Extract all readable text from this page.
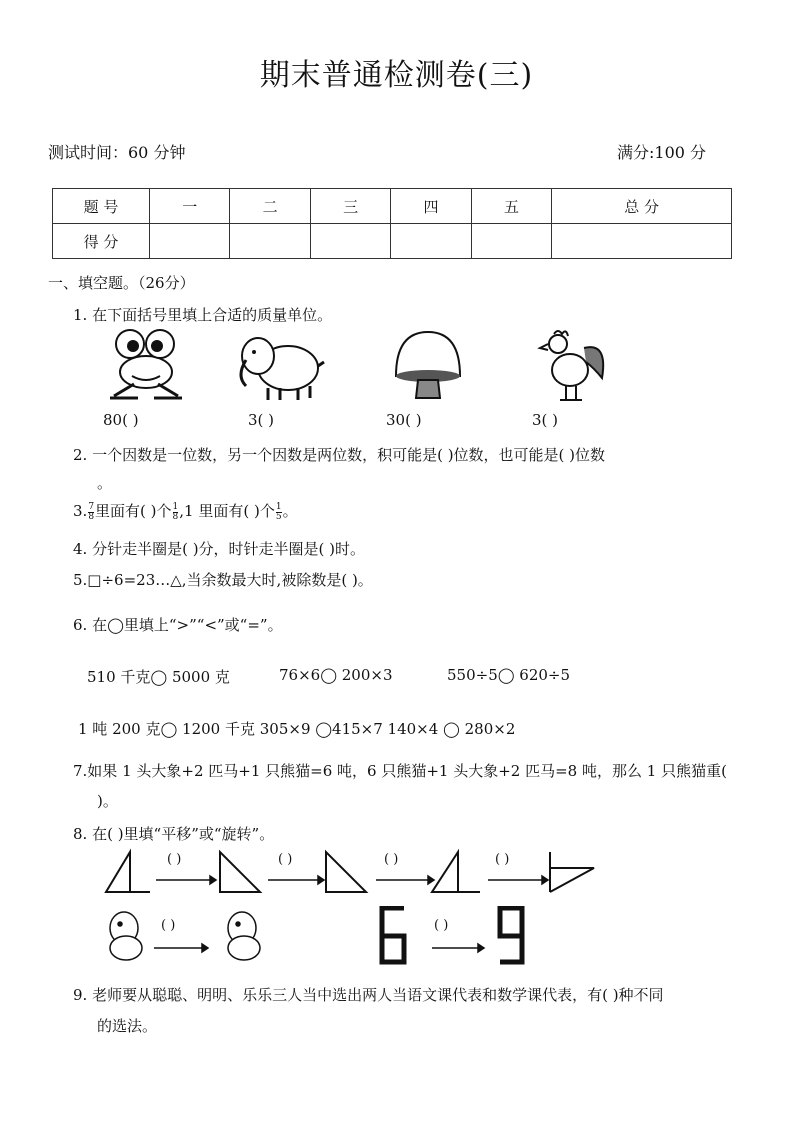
期末普通检测卷(三)
测试时间：60 分钟	满分:100 分
题 号	一	二	三	四	五	总 分
得 分						
一、填空题。（26分）
1. 在下面括号里填上合适的质量单位。
80( )	3( )	30( )	3( )
2. 一个因数是一位数，另一个因数是两位数，积可能是( )位数，也可能是( )位数
。
3. $\frac{7}{8}$ 里面有( )个 $\frac{1}{8} ,1$ 里面有( )个 $\frac{1}{5}$ 。
4. 分针走半圈是( )分，时针走半圈是( )时。
5.□÷6=23…△,当余数最大时,被除数是( )。
6. 在◯里填上“>”“<”或“=”。
510 千克◯ 5000 克	76×6◯ 200×3	550÷5◯ 620÷5
1 吨 200 克◯ 1200 千克 305×9 ◯415×7 140×4 ◯ 280×2
7.如果 1 头大象+2 匹马+1 只熊猫=6 吨，6 只熊猫+1 头大象+2 匹马=8 吨，那么 1 只熊猫重(
)。
8. 在( )里填“平移”或“旋转”。
( )	( )	( )	( )
( )	( )
9. 老师要从聪聪、明明、乐乐三人当中选出两人当语文课代表和数学课代表，有( )种不同
的选法。
